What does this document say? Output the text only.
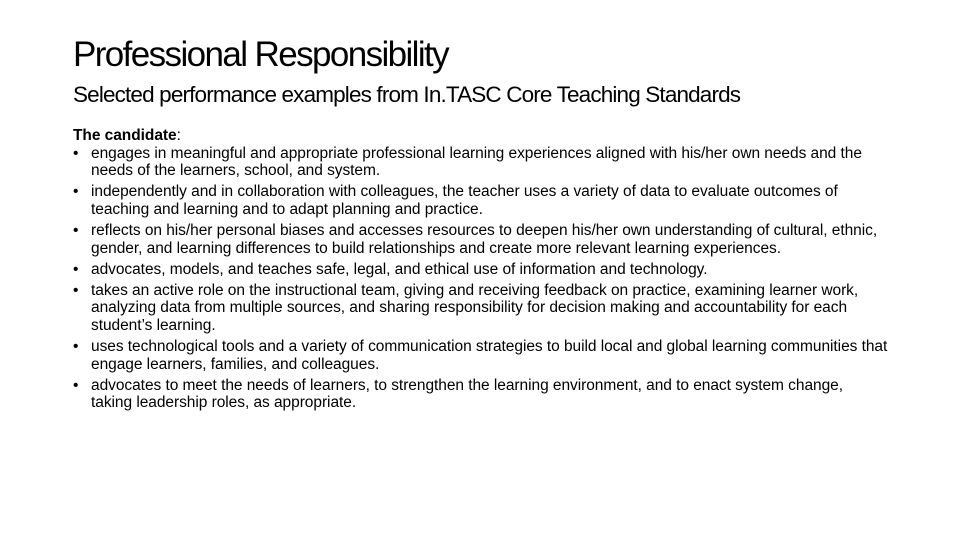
Professional Responsibility
Selected performance examples from In.TASC Core Teaching Standards

The candidate:

• engages in meaningful and appropriate professional learning experiences aligned with his/her own needs and the needs of the learners, school, and system.
• independently and in collaboration with colleagues, the teacher uses a variety of data to evaluate outcomes of teaching and learning and to adapt planning and practice.
• reflects on his/her personal biases and accesses resources to deepen his/her own understanding of cultural, ethnic, gender, and learning differences to build relationships and create more relevant learning experiences.
• advocates, models, and teaches safe, legal, and ethical use of information and technology.
• takes an active role on the instructional team, giving and receiving feedback on practice, examining learner work, analyzing data from multiple sources, and sharing responsibility for decision making and accountability for each student’s learning.
• uses technological tools and a variety of communication strategies to build local and global learning communities that engage learners, families, and colleagues.
• advocates to meet the needs of learners, to strengthen the learning environment, and to enact system change, taking leadership roles, as appropriate.
